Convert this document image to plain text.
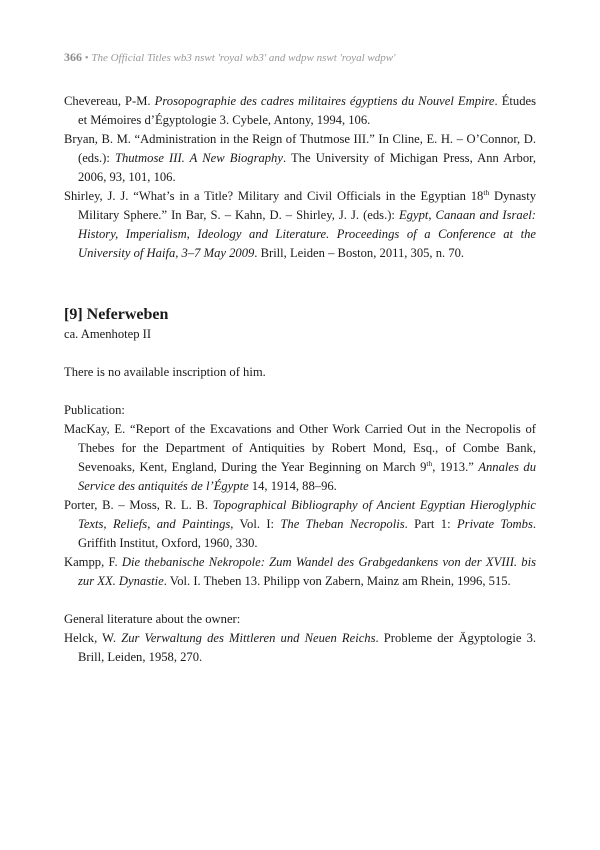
366 • The Official Titles wb3 nswt 'royal wb3' and wdpw nswt 'royal wdpw'

Chevereau, P-M. Prosopographie des cadres militaires égyptiens du Nouvel Empire. Études et Mémoires d’Égyptologie 3. Cybele, Antony, 1994, 106.

Bryan, B. M. “Administration in the Reign of Thutmose III.” In Cline, E. H. – O’Connor, D. (eds.): Thutmose III. A New Biography. The University of Michigan Press, Ann Arbor, 2006, 93, 101, 106.

Shirley, J. J. “What’s in a Title? Military and Civil Officials in the Egyptian 18th Dynasty Military Sphere.” In Bar, S. – Kahn, D. – Shirley, J. J. (eds.): Egypt, Canaan and Israel: History, Imperialism, Ideology and Literature. Proceedings of a Conference at the University of Haifa, 3–7 May 2009. Brill, Leiden – Boston, 2011, 305, n. 70.

[9] Neferweben

ca. Amenhotep II

There is no available inscription of him.

Publication:

MacKay, E. “Report of the Excavations and Other Work Carried Out in the Necropolis of Thebes for the Department of Antiquities by Robert Mond, Esq., of Combe Bank, Sevenoaks, Kent, England, During the Year Beginning on March 9th, 1913.” Annales du Service des antiquités de l’Égypte 14, 1914, 88–96.

Porter, B. – Moss, R. L. B. Topographical Bibliography of Ancient Egyptian Hieroglyphic Texts, Reliefs, and Paintings, Vol. I: The Theban Necropolis. Part 1: Private Tombs. Griffith Institut, Oxford, 1960, 330.

Kampp, F. Die thebanische Nekropole: Zum Wandel des Grabgedankens von der XVIII. bis zur XX. Dynastie. Vol. I. Theben 13. Philipp von Zabern, Mainz am Rhein, 1996, 515.

General literature about the owner:

Helck, W. Zur Verwaltung des Mittleren und Neuen Reichs. Probleme der Ägyptologie 3. Brill, Leiden, 1958, 270.
